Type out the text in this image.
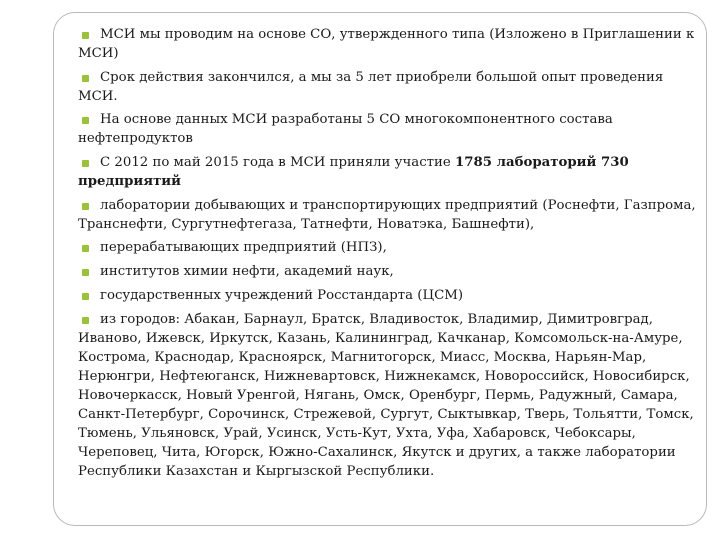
МСИ мы проводим на основе СО, утвержденного типа (Изложено в Приглашении к МСИ)
Срок действия закончился, а мы за 5 лет приобрели большой опыт проведения МСИ.
На основе данных МСИ разработаны 5 СО многокомпонентного состава нефтепродуктов
С 2012 по май 2015 года в МСИ приняли участие 1785 лабораторий 730 предприятий
лаборатории добывающих и транспортирующих предприятий (Роснефти, Газпрома, Транснефти, Сургутнефтегаза, Татнефти, Новатэка, Башнефти),
перерабатывающих предприятий (НПЗ),
институтов химии нефти, академий наук,
государственных учреждений Росстандарта (ЦСМ)
из городов: Абакан, Барнаул, Братск, Владивосток, Владимир, Димитровград, Иваново, Ижевск, Иркутск, Казань, Калининград, Качканар, Комсомольск-на-Амуре, Кострома, Краснодар, Красноярск, Магнитогорск, Миасс, Москва, Нарьян-Мар, Нерюнгри, Нефтеюганск, Нижневартовск, Нижнекамск, Новороссийск, Новосибирск, Новочеркасск, Новый Уренгой, Нягань, Омск, Оренбург, Пермь, Радужный, Самара, Санкт-Петербург, Сорочинск, Стрежевой, Сургут, Сыктывкар, Тверь, Тольятти, Томск, Тюмень, Ульяновск, Урай, Усинск, Усть-Кут, Ухта, Уфа, Хабаровск, Чебоксары, Череповец, Чита, Югорск, Южно-Сахалинск, Якутск и других, а также лаборатории Республики Казахстан и Кыргызской Республики.
